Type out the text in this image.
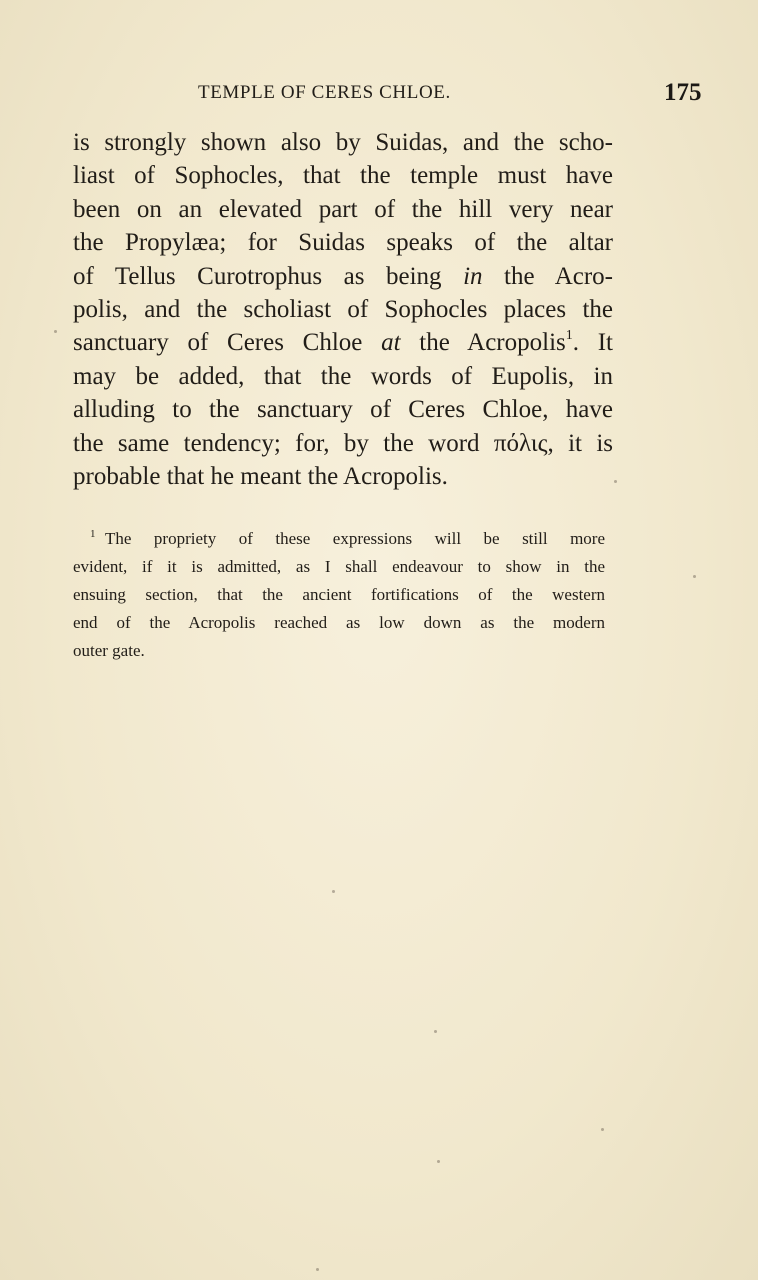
TEMPLE OF CERES CHLOE.	175
is strongly shown also by Suidas, and the scho-
liast of Sophocles, that the temple must have
been on an elevated part of the hill very near
the Propylæa; for Suidas speaks of the altar
of Tellus Curotrophus as being in the Acro-
polis, and the scholiast of Sophocles places the
sanctuary of Ceres Chloe at the Acropolis$^1$. It
may be added, that the words of Eupolis, in
alluding to the sanctuary of Ceres Chloe, have
the same tendency; for, by the word πόλις, it is
probable that he meant the Acropolis.
1 The propriety of these expressions will be still more
evident, if it is admitted, as I shall endeavour to show in the
ensuing section, that the ancient fortifications of the western
end of the Acropolis reached as low down as the modern
outer gate.
